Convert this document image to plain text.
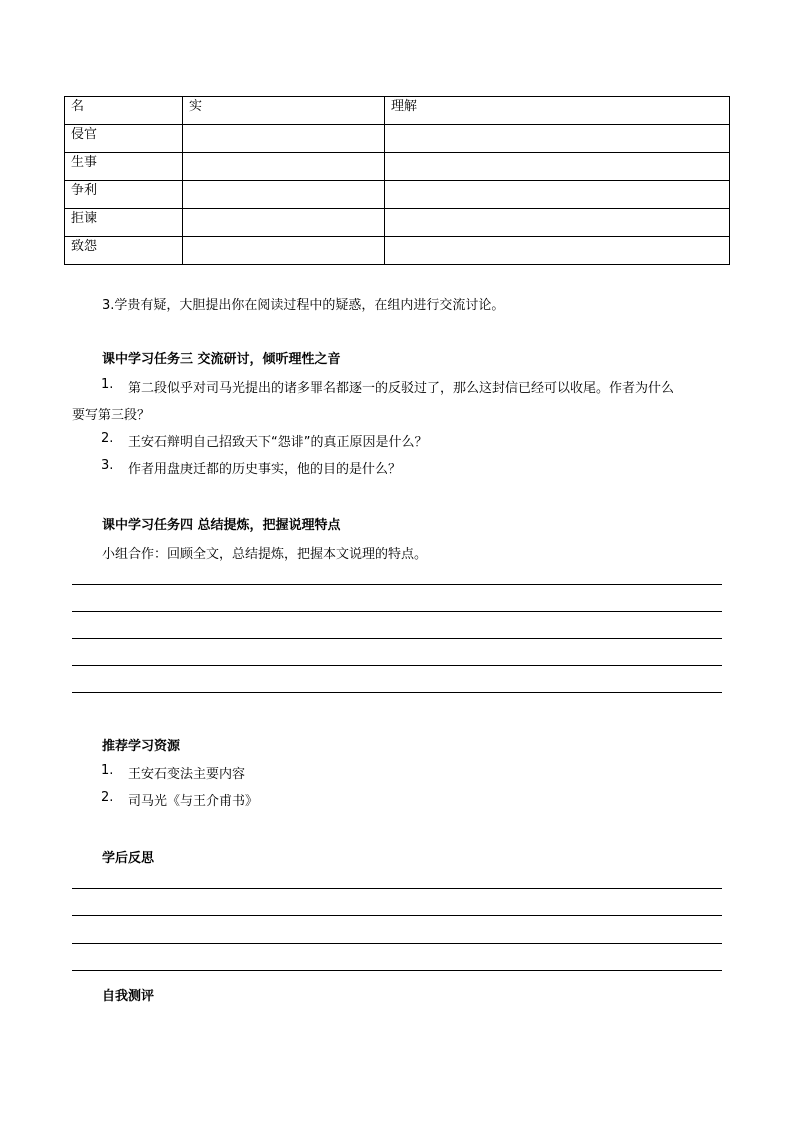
名	实	理解
侵官		
生事		
争利		
拒谏		
致怨		
3.学贵有疑，大胆提出你在阅读过程中的疑惑，在组内进行交流讨论。
课中学习任务三 交流研讨，倾听理性之音
1. 第二段似乎对司马光提出的诸多罪名都逐一的反驳过了，那么这封信已经可以收尾。作者为什么
要写第三段？
2. 王安石辩明自己招致天下“怨诽”的真正原因是什么？
3. 作者用盘庚迁都的历史事实，他的目的是什么？
课中学习任务四 总结提炼，把握说理特点
小组合作：回顾全文，总结提炼，把握本文说理的特点。
推荐学习资源
1. 王安石变法主要内容
2. 司马光《与王介甫书》
学后反思
自我测评
